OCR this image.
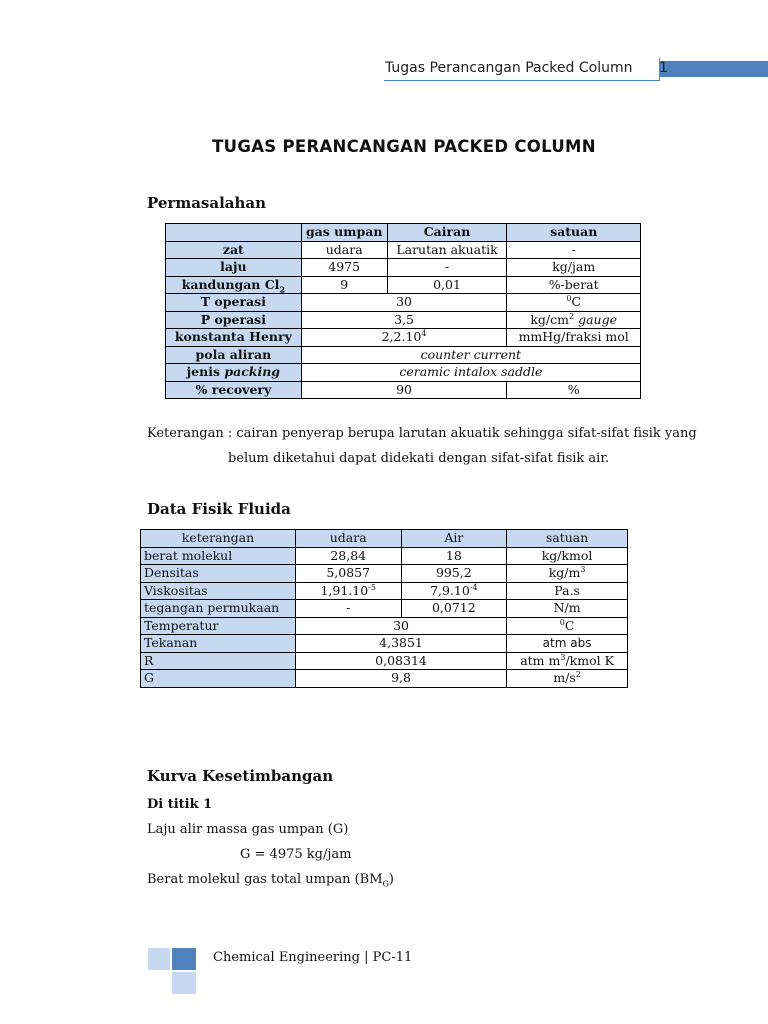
Tugas Perancangan Packed Column 1
TUGAS PERANCANGAN PACKED COLUMN
Permasalahan
	gas umpan	Cairan	satuan
zat	udara	Larutan akuatik	-
laju	4975	-	kg/jam
kandungan $Cl_2$	9	0,01	%-berat
T operasi	30		$^0$C
P operasi	3,5		$kg/cm^2$ gauge
konstanta Henry	2,2.10$^4$		mmHg/fraksi mol
pola aliran	counter current		
jenis packing	ceramic intalox saddle		
% recovery	90		%
Keterangan : cairan penyerap berupa larutan akuatik sehingga sifat-sifat fisik yang
belum diketahui dapat didekati dengan sifat-sifat fisik air.
Data Fisik Fluida
keterangan	udara	Air	satuan
berat molekul	28,84	18	kg/kmol
Densitas	5,0857	995,2	$kg/m^3$
Viskositas	$1,91.10^{-5}$	$7,9.10^{-4}$	Pa.s
tegangan permukaan	-	0,0712	N/m
Temperatur	30		$^0$C
Tekanan	4,3851		atm abs
R	0,08314		atm $m^3$/kmol K
G	9,8		$m/s^2$
Kurva Kesetimbangan
Di titik 1
Laju alir massa gas umpan (G)
G = 4975 kg/jam
Berat molekul gas total umpan $(BM_G)$
Chemical Engineering | PC-11
